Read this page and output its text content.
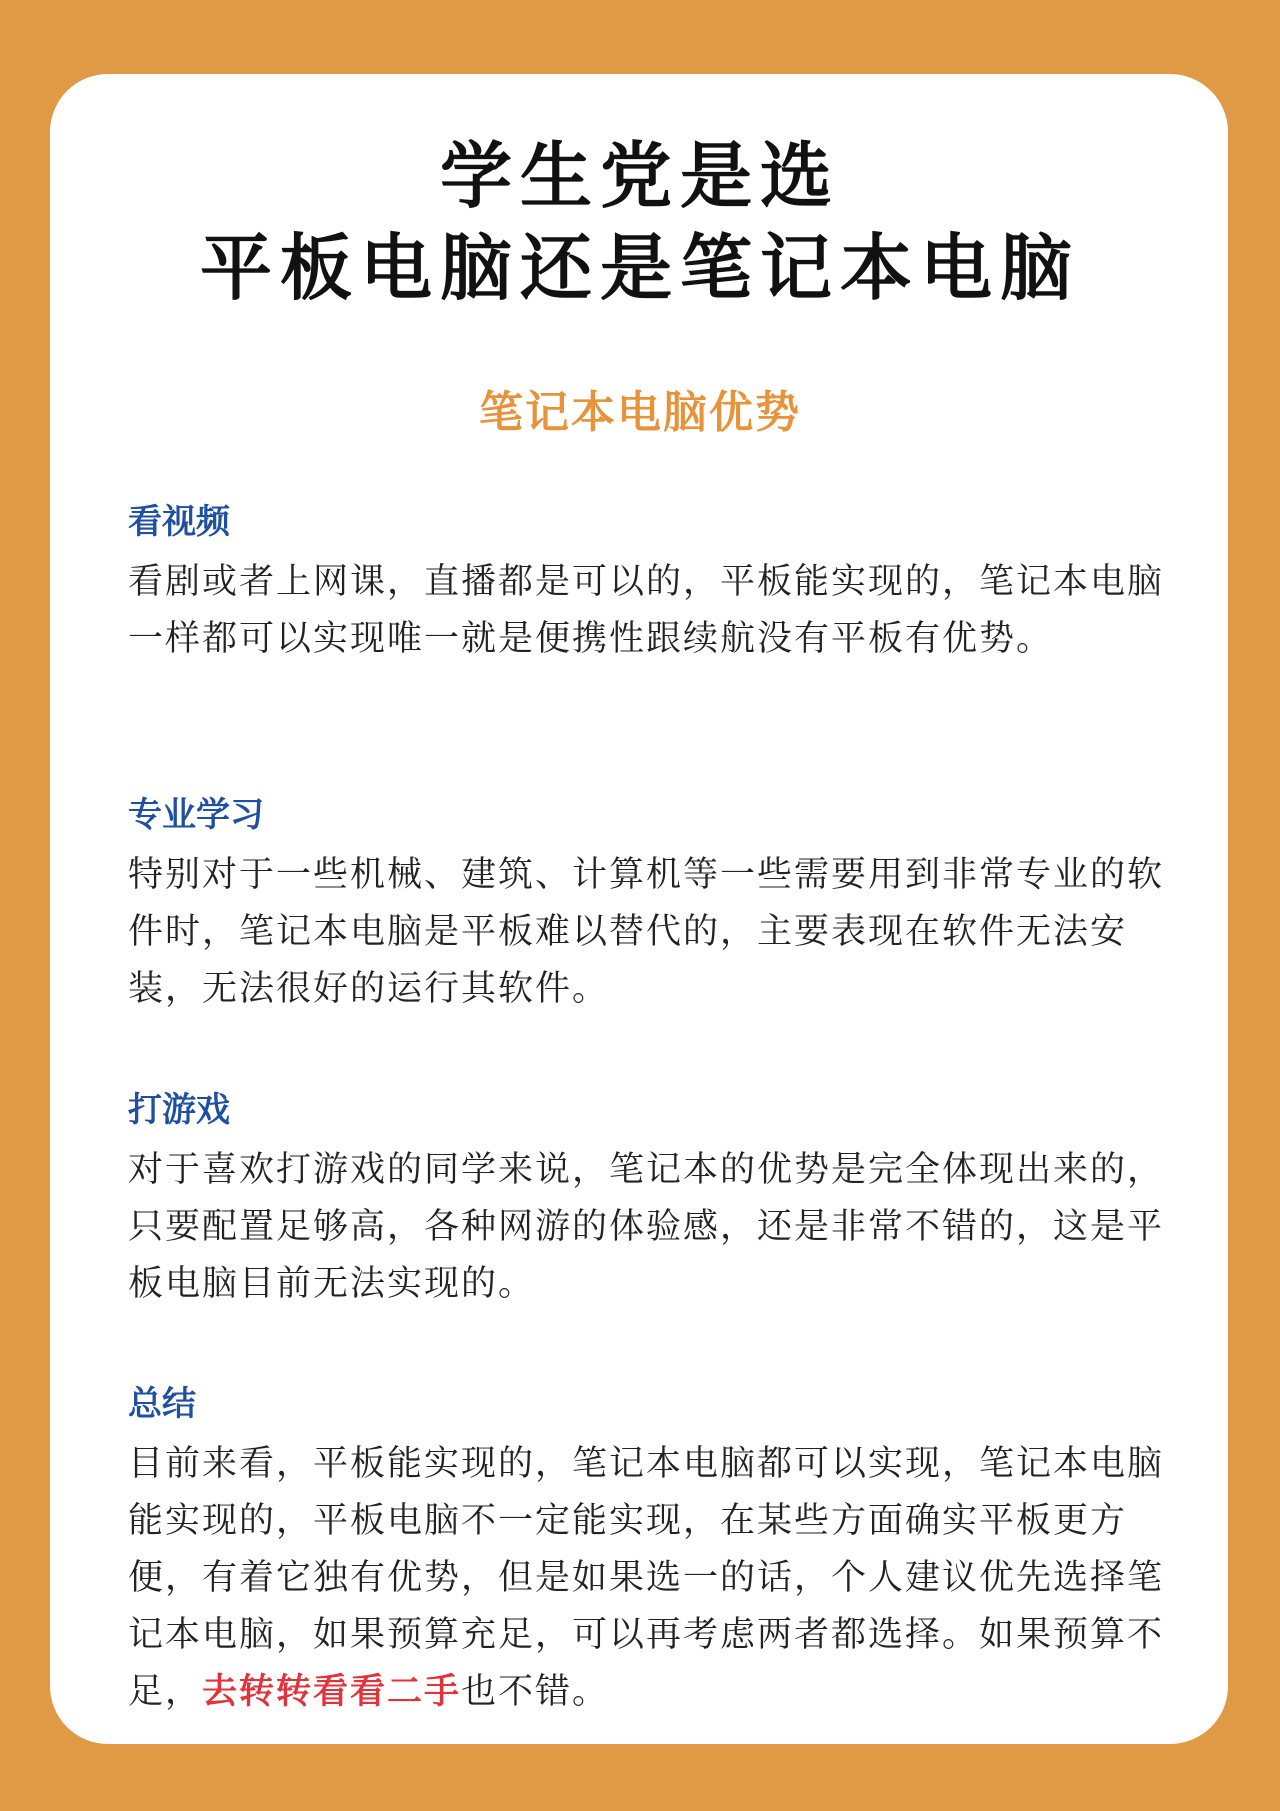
学生党是选
平板电脑还是笔记本电脑
笔记本电脑优势
看视频

看剧或者上网课，直播都是可以的，平板能实现的，笔记本电脑一样都可以实现唯一就是便携性跟续航没有平板有优势。

专业学习

特别对于一些机械、建筑、计算机等一些需要用到非常专业的软件时，笔记本电脑是平板难以替代的，主要表现在软件无法安装，无法很好的运行其软件。

打游戏

对于喜欢打游戏的同学来说，笔记本的优势是完全体现出来的，只要配置足够高，各种网游的体验感，还是非常不错的，这是平板电脑目前无法实现的。

总结

目前来看，平板能实现的，笔记本电脑都可以实现，笔记本电脑能实现的，平板电脑不一定能实现，在某些方面确实平板更方便，有着它独有优势，但是如果选一的话，个人建议优先选择笔记本电脑，如果预算充足，可以再考虑两者都选择。如果预算不足，去转转看看二手也不错。
